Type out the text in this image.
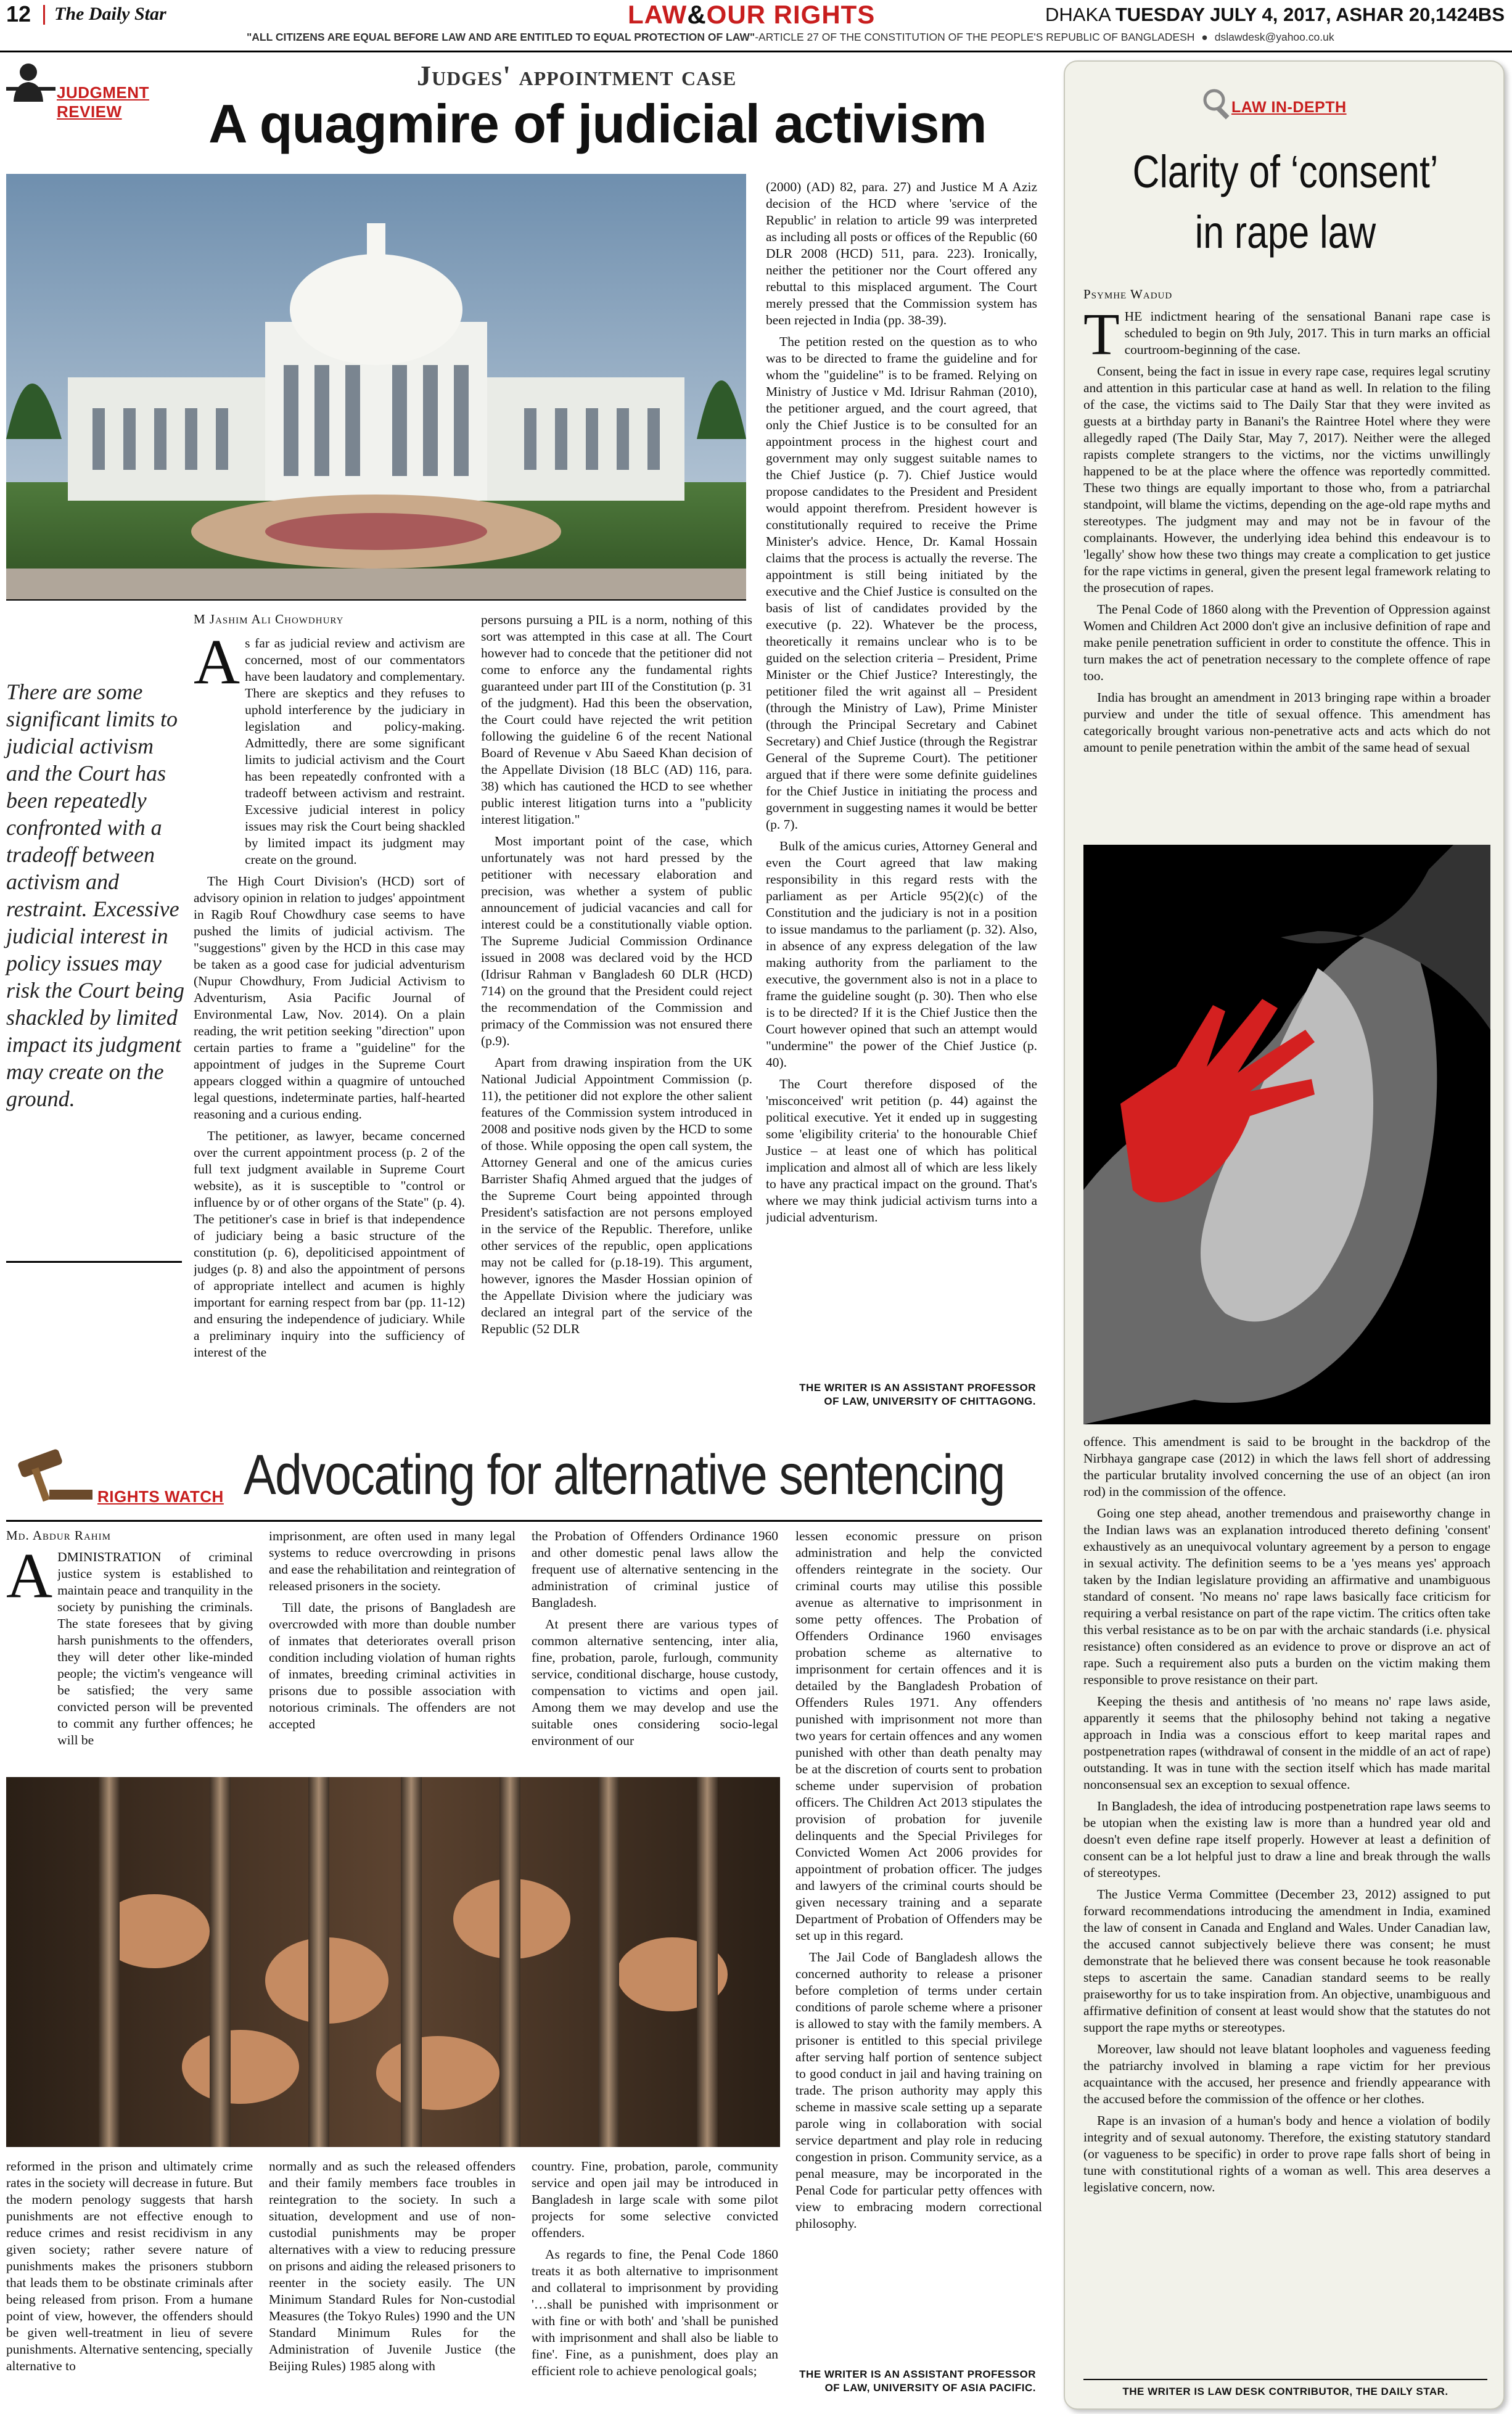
12 The Daily Star	LAW&OUR RIGHTS	DHAKA TUESDAY JULY 4, 2017, ASHAR 20,1424BS
"ALL CITIZENS ARE EQUAL BEFORE LAW AND ARE ENTITLED TO EQUAL PROTECTION OF LAW"-ARTICLE 27 OF THE CONSTITUTION OF THE PEOPLE'S REPUBLIC OF BANGLADESH ● dslawdesk@yahoo.co.uk
JUDGMENT REVIEW
Judges' appointment case
A quagmire of judicial activism
There are some significant limits to judicial activism and the Court has been repeatedly confronted with a tradeoff between activism and restraint. Excessive judicial interest in policy issues may risk the Court being shackled by limited impact its judgment may create on the ground.
M Jashim Ali Chowdhury
A s far as judicial review and activism are concerned, most of our commentators have been laudatory and complementary. There are skeptics and they refuses to uphold interference by the judiciary in legislation and policy-making. Admittedly, there are some significant limits to judicial activism and the Court has been repeatedly confronted with a tradeoff between activism and restraint. Excessive judicial interest in policy issues may risk the Court being shackled by limited impact its judgment may create on the ground.

The High Court Division's (HCD) sort of advisory opinion in relation to judges' appointment in Ragib Rouf Chowdhury case seems to have pushed the limits of judicial activism. The "suggestions" given by the HCD in this case may be taken as a good case for judicial adventurism (Nupur Chowdhury, From Judicial Activism to Adventurism, Asia Pacific Journal of Environmental Law, Nov. 2014). On a plain reading, the writ petition seeking "direction" upon certain parties to frame a "guideline" for the appointment of judges in the Supreme Court appears clogged within a quagmire of untouched legal questions, indeterminate parties, half-hearted reasoning and a curious ending.

The petitioner, as lawyer, became concerned over the current appointment process (p. 2 of the full text judgment available in Supreme Court website), as it is susceptible to "control or influence by or of other organs of the State" (p. 4). The petitioner's case in brief is that independence of judiciary being a basic structure of the constitution (p. 6), depoliticised appointment of judges (p. 8) and also the appointment of persons of appropriate intellect and acumen is highly important for earning respect from bar (pp. 11-12) and ensuring the independence of judiciary. While a preliminary inquiry into the sufficiency of interest of the

persons pursuing a PIL is a norm, nothing of this sort was attempted in this case at all. The Court however had to concede that the petitioner did not come to enforce any the fundamental rights guaranteed under part III of the Constitution (p. 31 of the judgment). Had this been the observation, the Court could have rejected the writ petition following the guideline 6 of the recent National Board of Revenue v Abu Saeed Khan decision of the Appellate Division (18 BLC (AD) 116, para. 38) which has cautioned the HCD to see whether public interest litigation turns into a "publicity interest litigation."

Most important point of the case, which unfortunately was not hard pressed by the petitioner with necessary elaboration and precision, was whether a system of public announcement of judicial vacancies and call for interest could be a constitutionally viable option. The Supreme Judicial Commission Ordinance issued in 2008 was declared void by the HCD (Idrisur Rahman v Bangladesh 60 DLR (HCD) 714) on the ground that the President could reject the recommendation of the Commission and primacy of the Commission was not ensured there (p.9).

Apart from drawing inspiration from the UK National Judicial Appointment Commission (p. 11), the petitioner did not explore the other salient features of the Commission system introduced in 2008 and positive nods given by the HCD to some of those. While opposing the open call system, the Attorney General and one of the amicus curies Barrister Shafiq Ahmed argued that the judges of the Supreme Court being appointed through President's satisfaction are not persons employed in the service of the Republic. Therefore, unlike other services of the republic, open applications may not be called for (p.18-19). This argument, however, ignores the Masder Hossian opinion of the Appellate Division where the judiciary was declared an integral part of the service of the Republic (52 DLR

(2000) (AD) 82, para. 27) and Justice M A Aziz decision of the HCD where 'service of the Republic' in relation to article 99 was interpreted as including all posts or offices of the Republic (60 DLR 2008 (HCD) 511, para. 223). Ironically, neither the petitioner nor the Court offered any rebuttal to this misplaced argument. The Court merely pressed that the Commission system has been rejected in India (pp. 38-39).

The petition rested on the question as to who was to be directed to frame the guideline and for whom the "guideline" is to be framed. Relying on Ministry of Justice v Md. Idrisur Rahman (2010), the petitioner argued, and the court agreed, that only the Chief Justice is to be consulted for an appointment process in the highest court and government may only suggest suitable names to the Chief Justice (p. 7). Chief Justice would propose candidates to the President and President would appoint therefrom. President however is constitutionally required to receive the Prime Minister's advice. Hence, Dr. Kamal Hossain claims that the process is actually the reverse. The appointment is still being initiated by the executive and the Chief Justice is consulted on the basis of list of candidates provided by the executive (p. 22). Whatever be the process, theoretically it remains unclear who is to be guided on the selection criteria – President, Prime Minister or the Chief Justice? Interestingly, the petitioner filed the writ against all – President (through the Ministry of Law), Prime Minister (through the Principal Secretary and Cabinet Secretary) and Chief Justice (through the Registrar General of the Supreme Court). The petitioner argued that if there were some definite guidelines for the Chief Justice in initiating the process and government in suggesting names it would be better (p. 7).

Bulk of the amicus curies, Attorney General and even the Court agreed that law making responsibility in this regard rests with the parliament as per Article 95(2)(c) of the Constitution and the judiciary is not in a position to issue mandamus to the parliament (p. 32). Also, in absence of any express delegation of the law making authority from the parliament to the executive, the government also is not in a place to frame the guideline sought (p. 30). Then who else is to be directed? If it is the Chief Justice then the Court however opined that such an attempt would "undermine" the power of the Chief Justice (p. 40).

The Court therefore disposed of the 'misconceived' writ petition (p. 44) against the political executive. Yet it ended up in suggesting some 'eligibility criteria' to the honourable Chief Justice – at least one of which has political implication and almost all of which are less likely to have any practical impact on the ground. That's where we may think judicial activism turns into a judicial adventurism.

THE WRITER IS AN ASSISTANT PROFESSOR OF LAW, UNIVERSITY OF CHITTAGONG.
RIGHTS WATCH Advocating for alternative sentencing
Md. Abdur Rahim
A DMINISTRATION of criminal justice system is established to maintain peace and tranquility in the society by punishing the criminals. The state foresees that by giving harsh punishments to the offenders, they will deter other like-minded people; the victim's vengeance will be satisfied; the very same convicted person will be prevented to commit any further offences; he will be

imprisonment, are often used in many legal systems to reduce overcrowding in prisons and ease the rehabilitation and reintegration of released prisoners in the society.

Till date, the prisons of Bangladesh are overcrowded with more than double number of inmates that deteriorates overall prison condition including violation of human rights of inmates, breeding criminal activities in prisons due to possible association with notorious criminals. The offenders are not accepted

the Probation of Offenders Ordinance 1960 and other domestic penal laws allow the frequent use of alternative sentencing in the administration of criminal justice of Bangladesh.

At present there are various types of common alternative sentencing, inter alia, fine, probation, parole, furlough, community service, conditional discharge, house custody, compensation to victims and open jail. Among them we may develop and use the suitable ones considering socio-legal environment of our

reformed in the prison and ultimately crime rates in the society will decrease in future. But the modern penology suggests that harsh punishments are not effective enough to reduce crimes and resist recidivism in any given society; rather severe nature of punishments makes the prisoners stubborn that leads them to be obstinate criminals after being released from prison. From a humane point of view, however, the offenders should be given well-treatment in lieu of severe punishments. Alternative sentencing, specially alternative to

normally and as such the released offenders and their family members face troubles in reintegration to the society. In such a situation, development and use of non-custodial punishments may be proper alternatives with a view to reducing pressure on prisons and aiding the released prisoners to reenter in the society easily. The UN Minimum Standard Rules for Non-custodial Measures (the Tokyo Rules) 1990 and the UN Standard Minimum Rules for the Administration of Juvenile Justice (the Beijing Rules) 1985 along with

country. Fine, probation, parole, community service and open jail may be introduced in Bangladesh in large scale with some pilot projects for some selective convicted offenders.

As regards to fine, the Penal Code 1860 treats it as both alternative to imprisonment and collateral to imprisonment by providing '…shall be punished with imprisonment or with fine or with both' and 'shall be punished with imprisonment and shall also be liable to fine'. Fine, as a punishment, does play an efficient role to achieve penological goals;

lessen economic pressure on prison administration and help the convicted offenders reintegrate in the society. Our criminal courts may utilise this possible avenue as alternative to imprisonment in some petty offences. The Probation of Offenders Ordinance 1960 envisages probation scheme as alternative to imprisonment for certain offences and it is detailed by the Bangladesh Probation of Offenders Rules 1971. Any offenders punished with imprisonment not more than two years for certain offences and any women punished with other than death penalty may be at the discretion of courts sent to probation scheme under supervision of probation officers. The Children Act 2013 stipulates the provision of probation for juvenile delinquents and the Special Privileges for Convicted Women Act 2006 provides for appointment of probation officer. The judges and lawyers of the criminal courts should be given necessary training and a separate Department of Probation of Offenders may be set up in this regard.

The Jail Code of Bangladesh allows the concerned authority to release a prisoner before completion of terms under certain conditions of parole scheme where a prisoner is allowed to stay with the family members. A prisoner is entitled to this special privilege after serving half portion of sentence subject to good conduct in jail and having training on trade. The prison authority may apply this scheme in massive scale setting up a separate parole wing in collaboration with social service department and play role in reducing congestion in prison. Community service, as a penal measure, may be incorporated in the Penal Code for particular petty offences with view to embracing modern correctional philosophy.

THE WRITER IS AN ASSISTANT PROFESSOR OF LAW, UNIVERSITY OF ASIA PACIFIC.
LAW IN-DEPTH
Clarity of ‘consent’
in rape law
Psymhe Wadud
T HE indictment hearing of the sensational Banani rape case is scheduled to begin on 9th July, 2017. This in turn marks an official courtroom-beginning of the case.

Consent, being the fact in issue in every rape case, requires legal scrutiny and attention in this particular case at hand as well. In relation to the filing of the case, the victims said to The Daily Star that they were invited as guests at a birthday party in Banani's the Raintree Hotel where they were allegedly raped (The Daily Star, May 7, 2017). Neither were the alleged rapists complete strangers to the victims, nor the victims unwillingly happened to be at the place where the offence was reportedly committed. These two things are equally important to those who, from a patriarchal standpoint, will blame the victims, depending on the age-old rape myths and stereotypes. The judgment may and may not be in favour of the complainants. However, the underlying idea behind this endeavour is to 'legally' show how these two things may create a complication to get justice for the rape victims in general, given the present legal framework relating to the prosecution of rapes.

The Penal Code of 1860 along with the Prevention of Oppression against Women and Children Act 2000 don't give an inclusive definition of rape and make penile penetration sufficient in order to constitute the offence. This in turn makes the act of penetration necessary to the complete offence of rape too.

India has brought an amendment in 2013 bringing rape within a broader purview and under the title of sexual offence. This amendment has categorically brought various non-penetrative acts and acts which do not amount to penile penetration within the ambit of the same head of sexual

offence. This amendment is said to be brought in the backdrop of the Nirbhaya gangrape case (2012) in which the laws fell short of addressing the particular brutality involved concerning the use of an object (an iron rod) in the commission of the offence.

Going one step ahead, another tremendous and praiseworthy change in the Indian laws was an explanation introduced thereto defining 'consent' exhaustively as an unequivocal voluntary agreement by a person to engage in sexual activity. The definition seems to be a 'yes means yes' approach taken by the Indian legislature providing an affirmative and unambiguous standard of consent. 'No means no' rape laws basically face criticism for requiring a verbal resistance on part of the rape victim. The critics often take this verbal resistance as to be on par with the archaic standards (i.e. physical resistance) often considered as an evidence to prove or disprove an act of rape. Such a requirement also puts a burden on the victim making them responsible to prove resistance on their part.

Keeping the thesis and antithesis of 'no means no' rape laws aside, apparently it seems that the philosophy behind not taking a negative approach in India was a conscious effort to keep marital rapes and postpenetration rapes (withdrawal of consent in the middle of an act of rape) outstanding. It was in tune with the section itself which has made marital nonconsensual sex an exception to sexual offence.

In Bangladesh, the idea of introducing postpenetration rape laws seems to be utopian when the existing law is more than a hundred year old and doesn't even define rape itself properly. However at least a definition of consent can be a lot helpful just to draw a line and break through the walls of stereotypes.

The Justice Verma Committee (December 23, 2012) assigned to put forward recommendations introducing the amendment in India, examined the law of consent in Canada and England and Wales. Under Canadian law, the accused cannot subjectively believe there was consent; he must demonstrate that he believed there was consent because he took reasonable steps to ascertain the same. Canadian standard seems to be really praiseworthy for us to take inspiration from. An objective, unambiguous and affirmative definition of consent at least would show that the statutes do not support the rape myths or stereotypes.

Moreover, law should not leave blatant loopholes and vagueness feeding the patriarchy involved in blaming a rape victim for her previous acquaintance with the accused, her presence and friendly appearance with the accused before the commission of the offence or her clothes.

Rape is an invasion of a human's body and hence a violation of bodily integrity and of sexual autonomy. Therefore, the existing statutory standard (or vagueness to be specific) in order to prove rape falls short of being in tune with constitutional rights of a woman as well. This area deserves a legislative concern, now.

THE WRITER IS LAW DESK CONTRIBUTOR, THE DAILY STAR.
